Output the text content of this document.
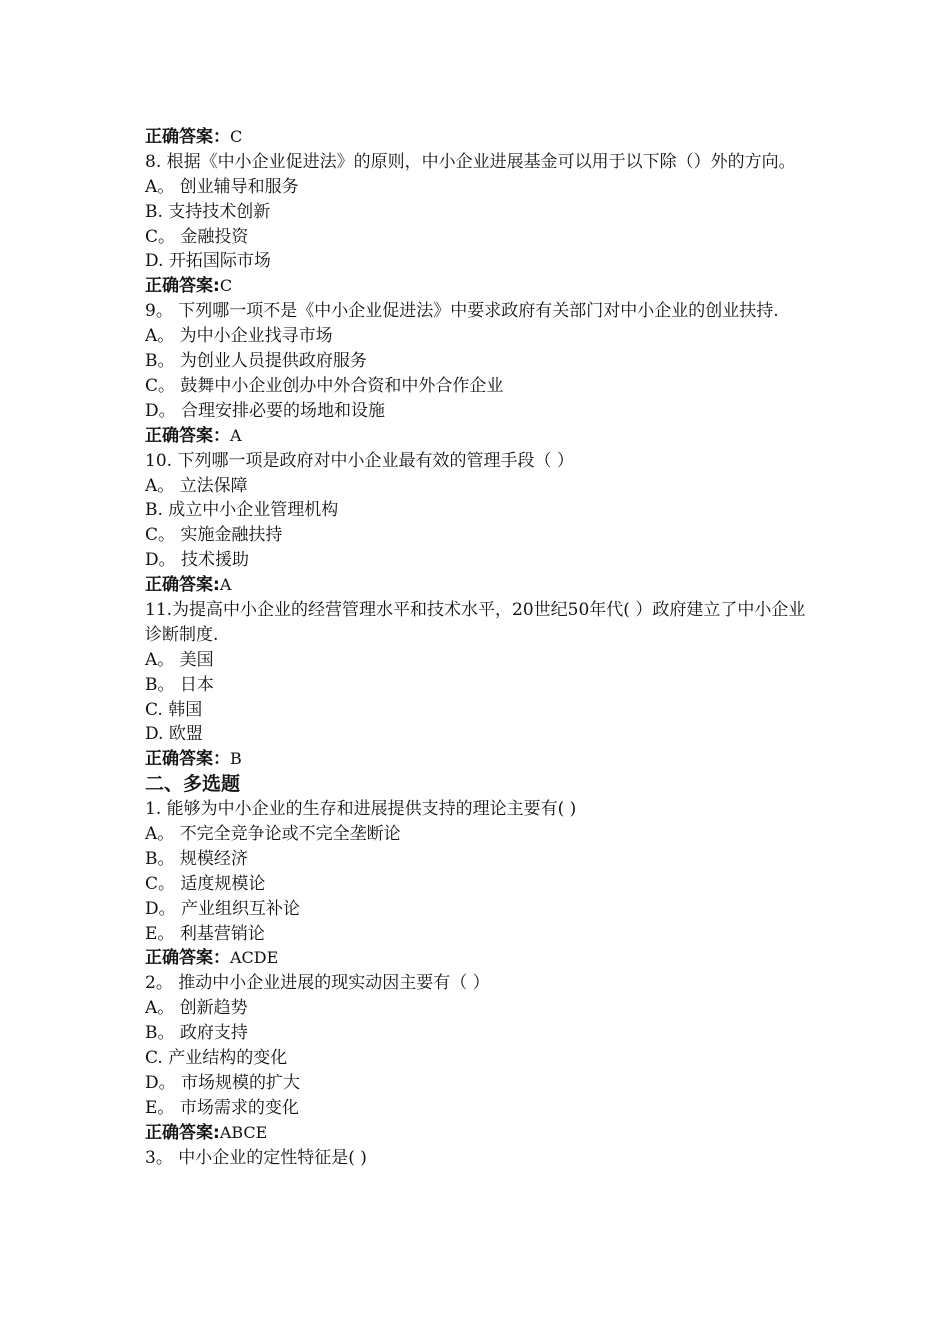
正确答案：C
8. 根据《中小企业促进法》的原则，中小企业进展基金可以用于以下除（）外的方向。
A。 创业辅导和服务
B. 支持技术创新
C。 金融投资
D. 开拓国际市场
正确答案:C
9。 下列哪一项不是《中小企业促进法》中要求政府有关部门对中小企业的创业扶持.
A。 为中小企业找寻市场
B。 为创业人员提供政府服务
C。 鼓舞中小企业创办中外合资和中外合作企业
D。 合理安排必要的场地和设施
正确答案：A
10. 下列哪一项是政府对中小企业最有效的管理手段（ ）
A。 立法保障
B. 成立中小企业管理机构
C。 实施金融扶持
D。 技术援助
正确答案:A
11.为提高中小企业的经营管理水平和技术水平，20世纪50年代( ）政府建立了中小企业诊断制度.
A。 美国
B。 日本
C. 韩国
D. 欧盟
正确答案：B
二、多选题
1. 能够为中小企业的生存和进展提供支持的理论主要有( )
A。 不完全竞争论或不完全垄断论
B。 规模经济
C。 适度规模论
D。 产业组织互补论
E。 利基营销论
正确答案：ACDE
2。 推动中小企业进展的现实动因主要有（ ）
A。 创新趋势
B。 政府支持
C. 产业结构的变化
D。 市场规模的扩大
E。 市场需求的变化
正确答案:ABCE
3。 中小企业的定性特征是( )
